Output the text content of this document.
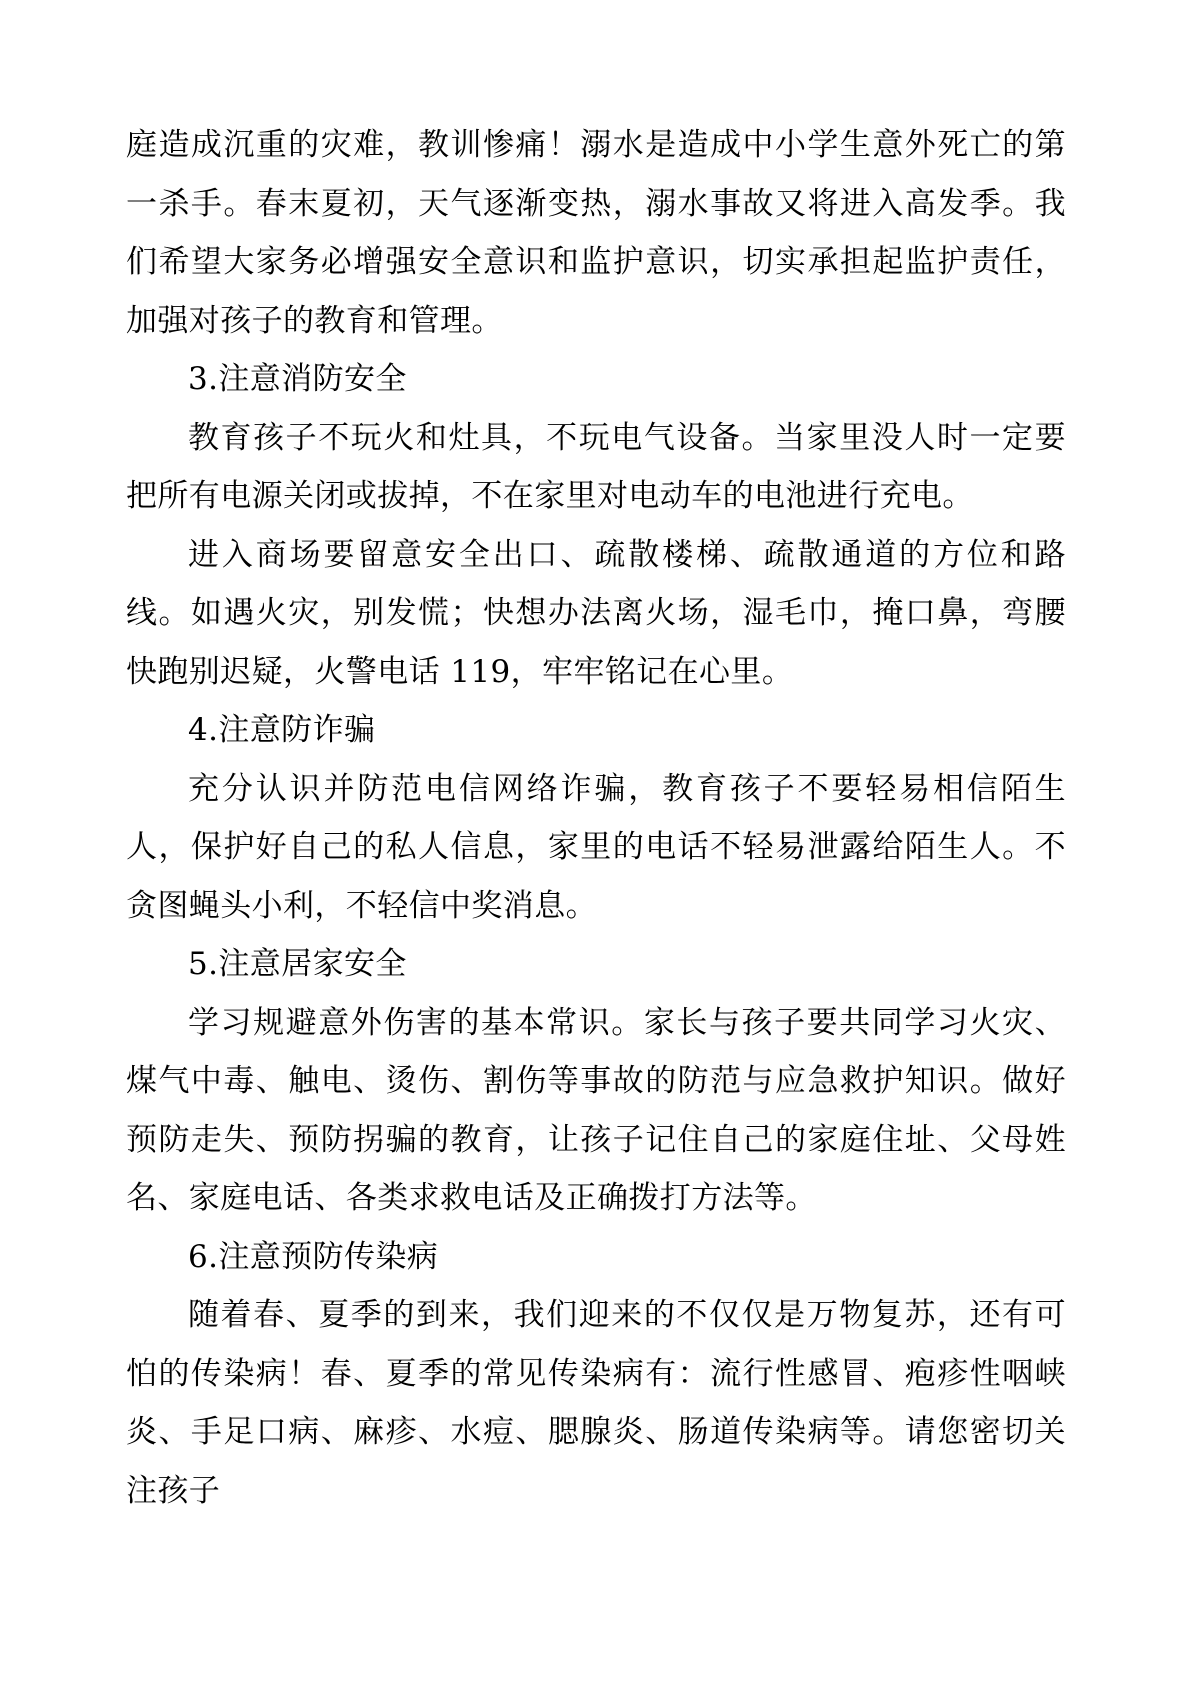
庭造成沉重的灾难，教训惨痛！溺水是造成中小学生意外死亡的第一杀手。春末夏初，天气逐渐变热，溺水事故又将进入高发季。我们希望大家务必增强安全意识和监护意识，切实承担起监护责任，加强对孩子的教育和管理。

3.注意消防安全

教育孩子不玩火和灶具，不玩电气设备。当家里没人时一定要把所有电源关闭或拔掉，不在家里对电动车的电池进行充电。

进入商场要留意安全出口、疏散楼梯、疏散通道的方位和路线。如遇火灾，别发慌；快想办法离火场，湿毛巾，掩口鼻，弯腰快跑别迟疑，火警电话 119，牢牢铭记在心里。

4.注意防诈骗

充分认识并防范电信网络诈骗，教育孩子不要轻易相信陌生人，保护好自己的私人信息，家里的电话不轻易泄露给陌生人。不贪图蝇头小利，不轻信中奖消息。

5.注意居家安全

学习规避意外伤害的基本常识。家长与孩子要共同学习火灾、煤气中毒、触电、烫伤、割伤等事故的防范与应急救护知识。做好预防走失、预防拐骗的教育，让孩子记住自己的家庭住址、父母姓名、家庭电话、各类求救电话及正确拨打方法等。

6.注意预防传染病

随着春、夏季的到来，我们迎来的不仅仅是万物复苏，还有可怕的传染病！春、夏季的常见传染病有：流行性感冒、疱疹性咽峡炎、手足口病、麻疹、水痘、腮腺炎、肠道传染病等。请您密切关注孩子
